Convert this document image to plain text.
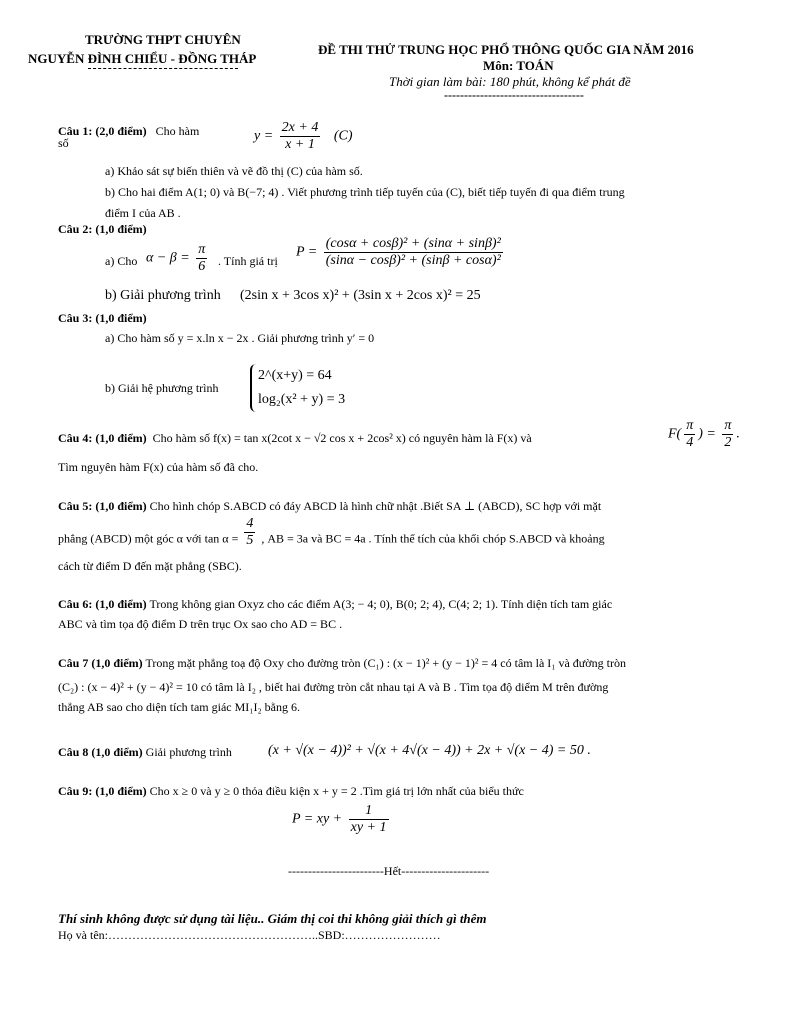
TRƯỜNG THPT CHUYÊN
NGUYỄN ĐÌNH CHIỂU - ĐỒNG THÁP
ĐỀ THI THỬ TRUNG HỌC PHỔ THÔNG QUỐC GIA NĂM 2016
Môn: TOÁN
Thời gian làm bài: 180 phút, không kể phát đề
-----------------------------------
Câu 1: (2,0 điểm) Cho hàm
số	$y = \frac{2x + 4}{x + 1} (C)$
a) Khảo sát sự biến thiên và vẽ đồ thị (C) của hàm số.
b) Cho hai điểm A(1; 0) và B(−7; 4) . Viết phương trình tiếp tuyến của (C), biết tiếp tuyến đi qua điểm trung
điểm I của AB .
Câu 2: (1,0 điểm)
a) Cho $\alpha - \beta = \frac{\pi}{6}$ . Tính giá trị
$P = \frac{\text{(cosα + cosβ)² + (sinα + sinβ)²}}{\text{(sinα − cosβ)² + (sinβ + cosα)²}}$
b) Giải phương trình (2sin x + 3cos x)² + (3sin x + 2cos x)² = 25
Câu 3: (1,0 điểm)
a) Cho hàm số y = x.ln x − 2x . Giải phương trình y′ = 0
b) Giải hệ phương trình
2^(x+y) = 64
log₂(x² + y) = 3
Câu 4: (1,0 điểm) Cho hàm số f(x) = tan x(2cot x − √2 cos x + 2cos² x) có nguyên hàm là F(x) và	$F( \frac{\pi}{4}$ ) = $\frac{\pi}{2}$ .
Tìm nguyên hàm F(x) của hàm số đã cho.
Câu 5: (1,0 điểm) Cho hình chóp S.ABCD có đáy ABCD là hình chữ nhật .Biết SA ⊥ (ABCD), SC hợp với mặt
phẳng (ABCD) một góc α với $\tan \alpha = \frac{4}{5}$ , AB = 3a và BC = 4a . Tính thể tích của khối chóp S.ABCD và khoảng
cách từ điểm D đến mặt phẳng (SBC).
Câu 6: (1,0 điểm) Trong không gian Oxyz cho các điểm A(3; − 4; 0), B(0; 2; 4), C(4; 2; 1). Tính diện tích tam giác
ABC và tìm tọa độ điểm D trên trục Ox sao cho AD = BC .
Câu 7 (1,0 điểm) Trong mặt phẳng toạ độ Oxy cho đường tròn (C₁) : (x − 1)² + (y − 1)² = 4 có tâm là I₁ và đường tròn
(C₂) : (x − 4)² + (y − 4)² = 10 có tâm là I₂ , biết hai đường tròn cắt nhau tại A và B . Tìm tọa độ diểm M trên đường
thẳng AB sao cho diện tích tam giác MI₁I₂ bằng 6.
Câu 8 (1,0 điểm) Giải phương trình	(x + √(x − 4))² + √(x + 4√(x − 4)) + 2x + √(x − 4) = 50 .
Câu 9: (1,0 điểm) Cho x ≥ 0 và y ≥ 0 thỏa điều kiện x + y = 2 .Tìm giá trị lớn nhất của biểu thức
P = xy + $\frac{1}{xy + 1}$
------------------------Hết----------------------
Thí sinh không được sử dụng tài liệu.. Giám thị coi thi không giải thích gì thêm
Họ và tên:……………………………………………..SBD:……………………
